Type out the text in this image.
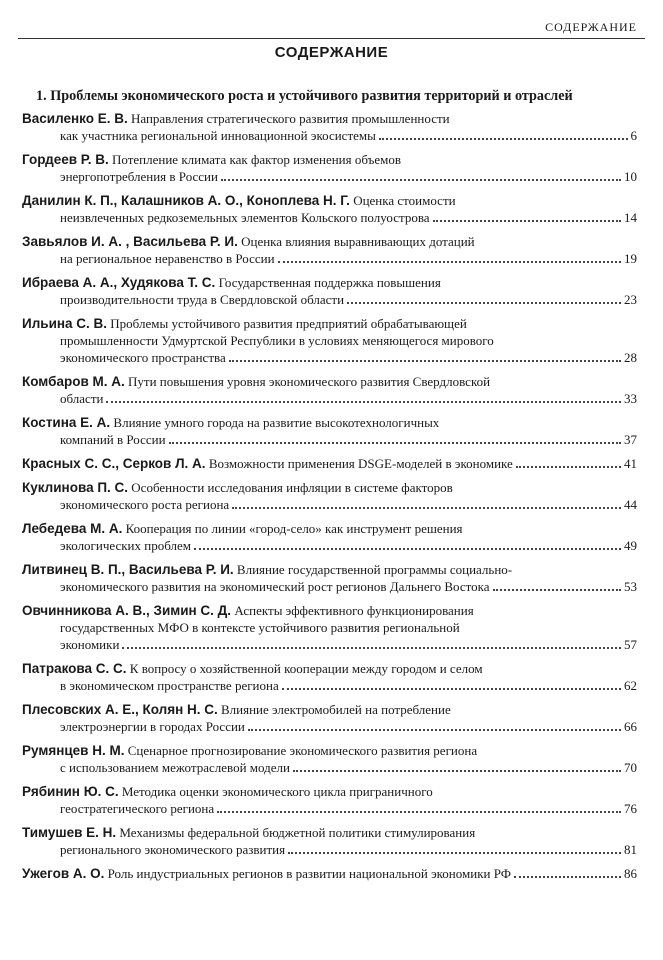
СОДЕРЖАНИЕ
СОДЕРЖАНИЕ
1. Проблемы экономического роста и устойчивого развития территорий и отраслей
Василенко Е. В. Направления стратегического развития промышленности
как участника региональной инновационной экосистемы	6
Гордеев Р. В. Потепление климата как фактор изменения объемов
энергопотребления в России	10
Данилин К. П., Калашников А. О., Коноплева Н. Г. Оценка стоимости
неизвлеченных редкоземельных элементов Кольского полуострова	14
Завьялов И. А. , Васильева Р. И. Оценка влияния выравнивающих дотаций
на региональное неравенство в России	19
Ибраева А. А., Худякова Т. С. Государственная поддержка повышения
производительности труда в Свердловской области	23
Ильина С. В. Проблемы устойчивого развития предприятий обрабатывающей
промышленности Удмуртской Республики в условиях меняющегося мирового
экономического пространства	28
Комбаров М. А. Пути повышения уровня экономического развития Свердловской
области	33
Костина Е. А. Влияние умного города на развитие высокотехнологичных
компаний в России	37
Красных С. С., Серков Л. А. Возможности применения DSGE-моделей в экономике	41
Куклинова П. С. Особенности исследования инфляции в системе факторов
экономического роста региона	44
Лебедева М. А. Кооперация по линии «город-село» как инструмент решения
экологических проблем	49
Литвинец В. П., Васильева Р. И. Влияние государственной программы социально-
экономического развития на экономический рост регионов Дальнего Востока	53
Овчинникова А. В., Зимин С. Д. Аспекты эффективного функционирования
государственных МФО в контексте устойчивого развития региональной
экономики	57
Патракова С. С. К вопросу о хозяйственной кооперации между городом и селом
в экономическом пространстве региона	62
Плесовских А. Е., Колян Н. С. Влияние электромобилей на потребление
электроэнергии в городах России	66
Румянцев Н. М. Сценарное прогнозирование экономического развития региона
с использованием межотраслевой модели	70
Рябинин Ю. С. Методика оценки экономического цикла приграничного
геостратегического региона	76
Тимушев Е. Н. Механизмы федеральной бюджетной политики стимулирования
регионального экономического развития	81
Ужегов А. О. Роль индустриальных регионов в развитии национальной экономики РФ	86
